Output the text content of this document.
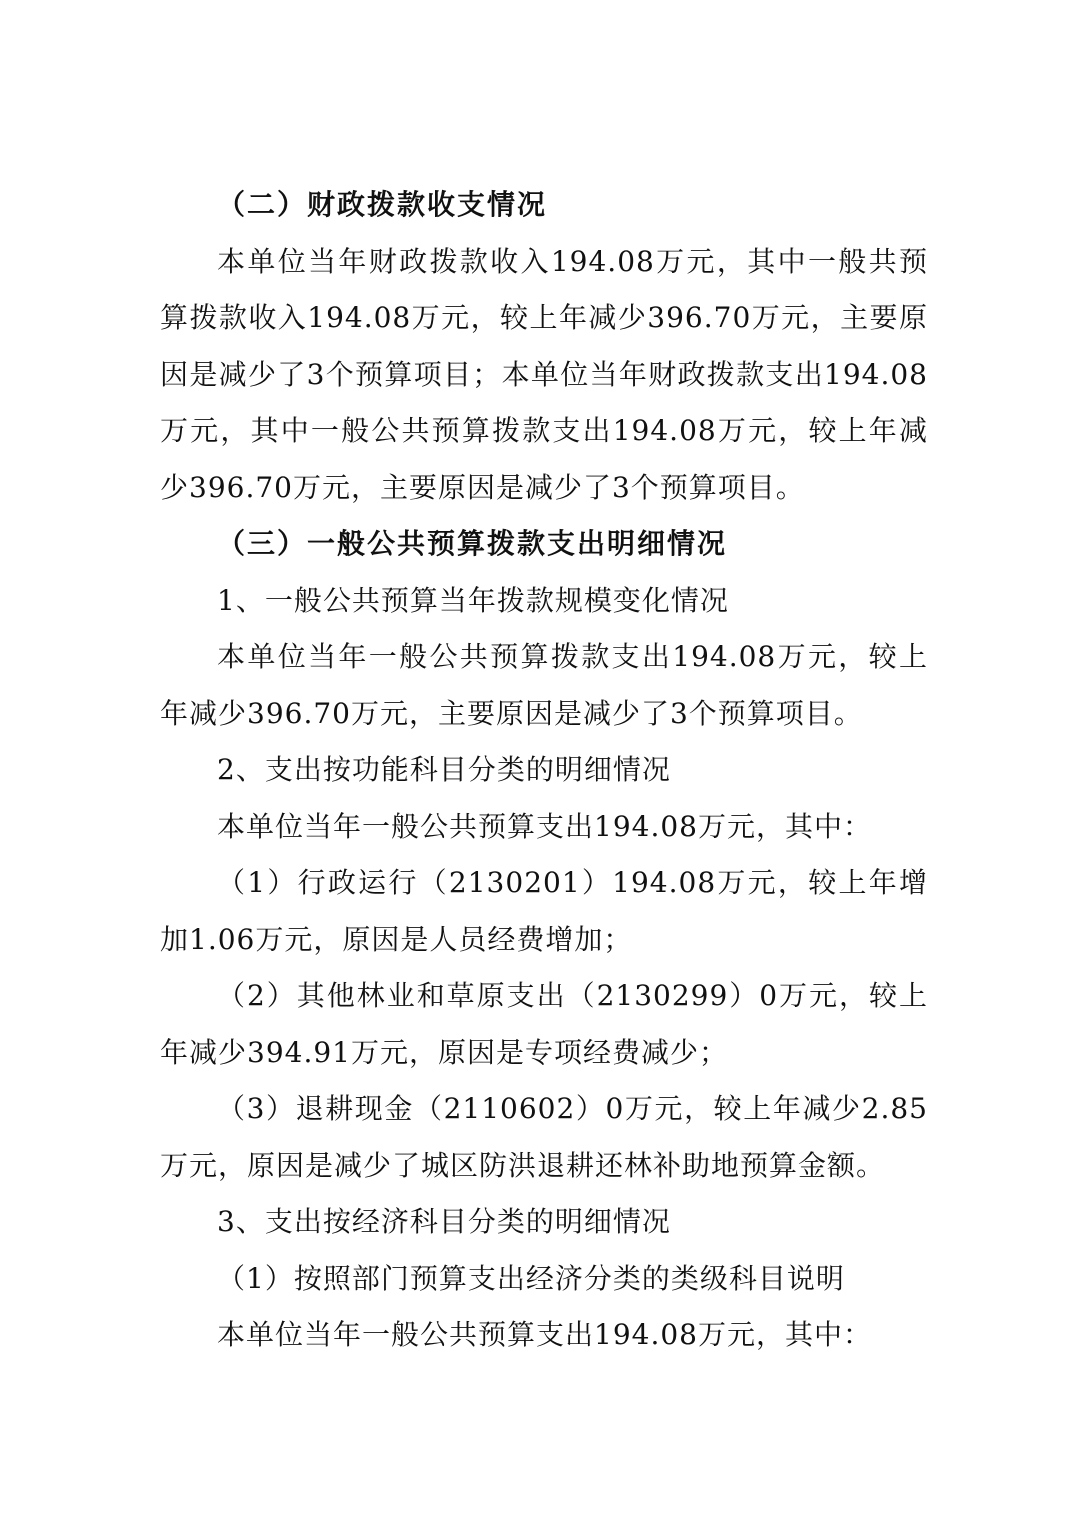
（二）财政拨款收支情况

本单位当年财政拨款收入194.08万元，其中一般共预算拨款收入194.08万元，较上年减少396.70万元，主要原因是减少了3个预算项目；本单位当年财政拨款支出194.08万元，其中一般公共预算拨款支出194.08万元，较上年减少396.70万元，主要原因是减少了3个预算项目。

（三）一般公共预算拨款支出明细情况

1、一般公共预算当年拨款规模变化情况

本单位当年一般公共预算拨款支出194.08万元，较上年减少396.70万元，主要原因是减少了3个预算项目。

2、支出按功能科目分类的明细情况

本单位当年一般公共预算支出194.08万元，其中：

（1）行政运行（2130201）194.08万元，较上年增加1.06万元，原因是人员经费增加；

（2）其他林业和草原支出（2130299）0万元，较上年减少394.91万元，原因是专项经费减少；

（3）退耕现金（2110602）0万元，较上年减少2.85万元，原因是减少了城区防洪退耕还林补助地预算金额。

3、支出按经济科目分类的明细情况

（1）按照部门预算支出经济分类的类级科目说明

本单位当年一般公共预算支出194.08万元，其中：
